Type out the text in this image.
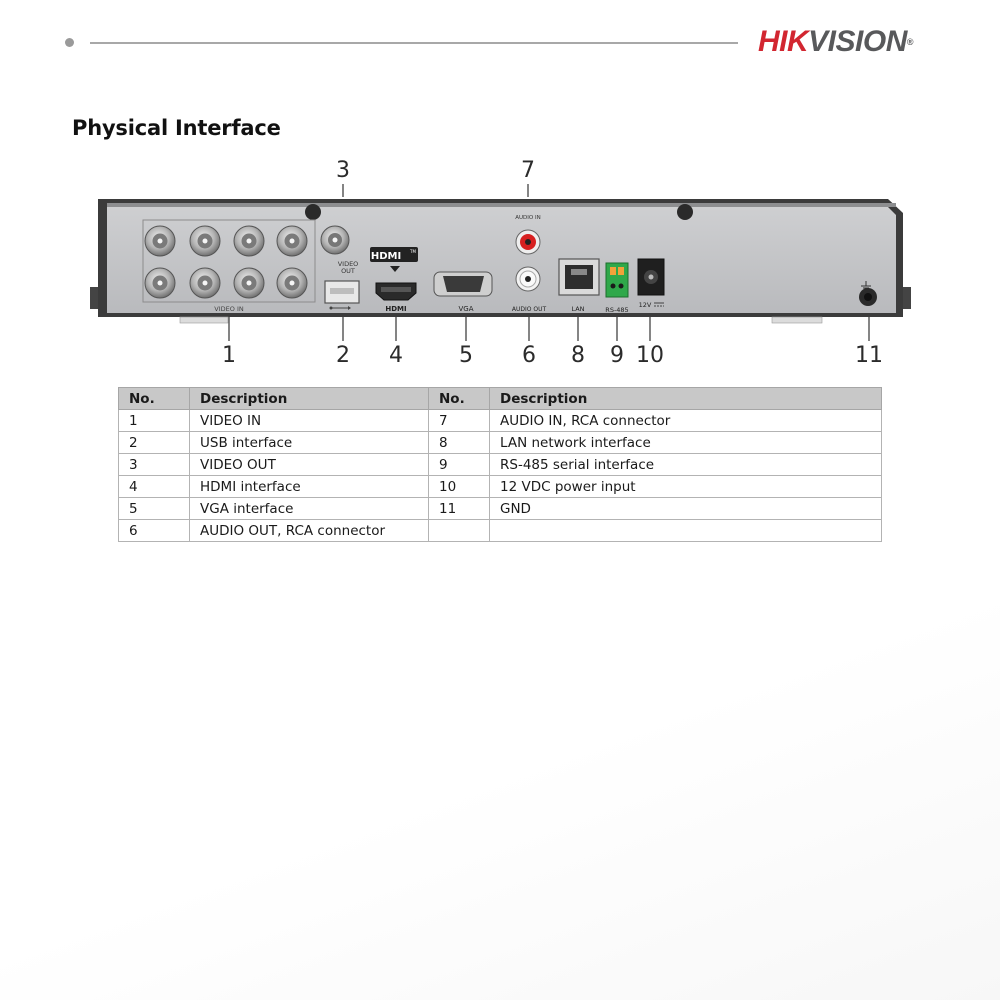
HIKVISION®
Physical Interface
3	7
1	2 4	5 6 8 9 10	11
VIDEO IN
VIDEO
OUT
HDMI TM
HDMI	VGA
AUDIO IN
AUDIO OUT	LAN	RS-485
12V
No.	Description	No.	Description
1	VIDEO IN	7	AUDIO IN, RCA connector
2	USB interface	8	LAN network interface
3	VIDEO OUT	9	RS-485 serial interface
4	HDMI interface	10	12 VDC power input
5	VGA interface	11	GND
6	AUDIO OUT, RCA connector		
